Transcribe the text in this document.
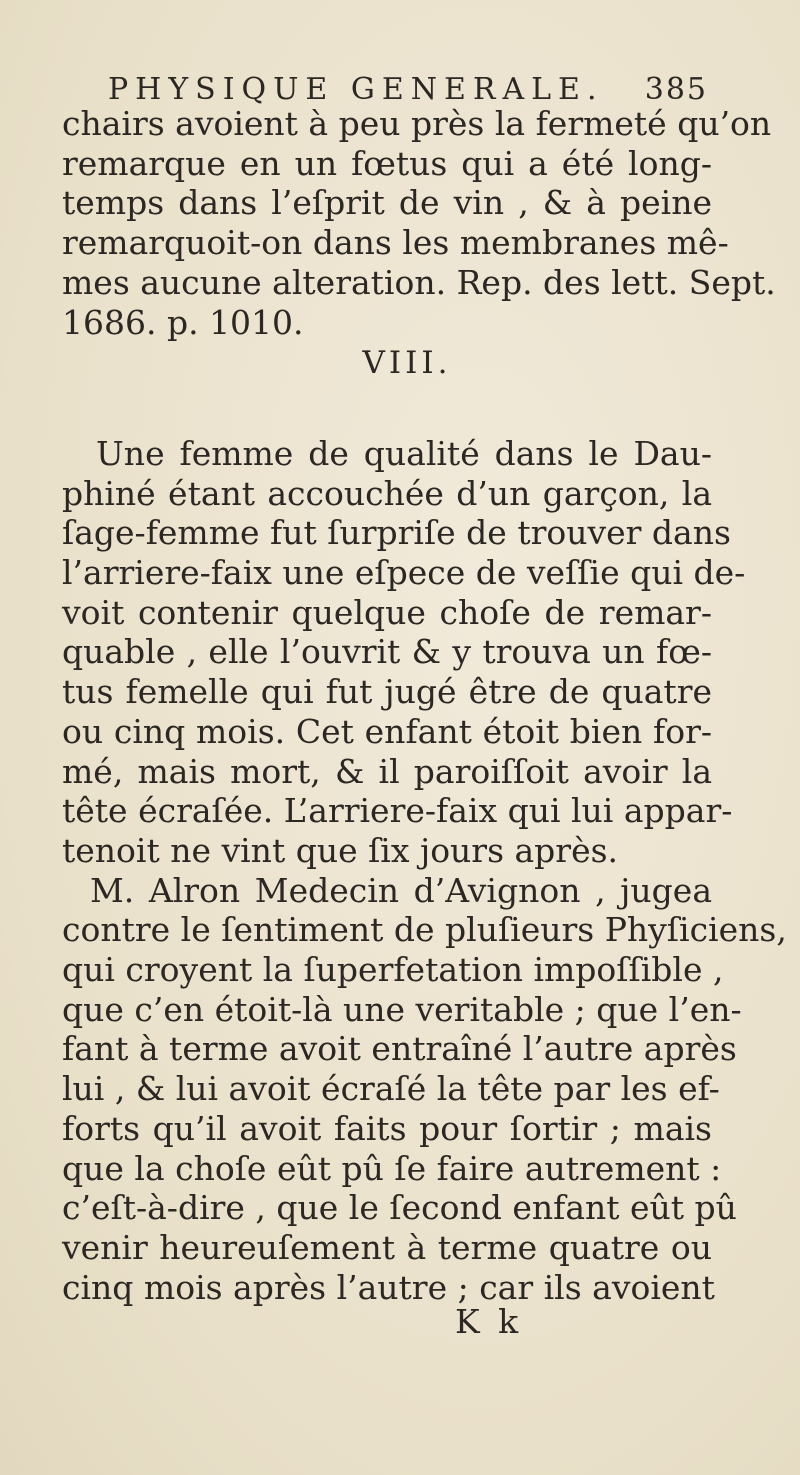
PHYSIQUE GENERALE. 385
chairs avoient à peu près la fermeté qu’on
remarque en un fœtus qui a été long-
temps dans l’eſprit de vin , & à peine
remarquoit-on dans les membranes mê-
mes aucune alteration. Rep. des lett. Sept.
1686. p. 1010.
VIII.
Une femme de qualité dans le Dau-
phiné étant accouchée d’un garçon, la
ſage-femme fut ſurpriſe de trouver dans
l’arriere-faix une eſpece de veſſie qui de-
voit contenir quelque choſe de remar-
quable , elle l’ouvrit & y trouva un fœ-
tus femelle qui fut jugé être de quatre
ou cinq mois. Cet enfant étoit bien for-
mé, mais mort, & il paroiſſoit avoir la
tête écraſée. L’arriere-faix qui lui appar-
tenoit ne vint que ſix jours après.
M. Alron Medecin d’Avignon , jugea
contre le ſentiment de pluſieurs Phyſiciens,
qui croyent la ſuperfetation impoſſible ,
que c’en étoit-là une veritable ; que l’en-
fant à terme avoit entraîné l’autre après
lui , & lui avoit écraſé la tête par les ef-
forts qu’il avoit faits pour ſortir ; mais
que la choſe eût pû ſe faire autrement :
c’eſt-à-dire , que le ſecond enfant eût pû
venir heureuſement à terme quatre ou
cinq mois après l’autre ; car ils avoient
K k
